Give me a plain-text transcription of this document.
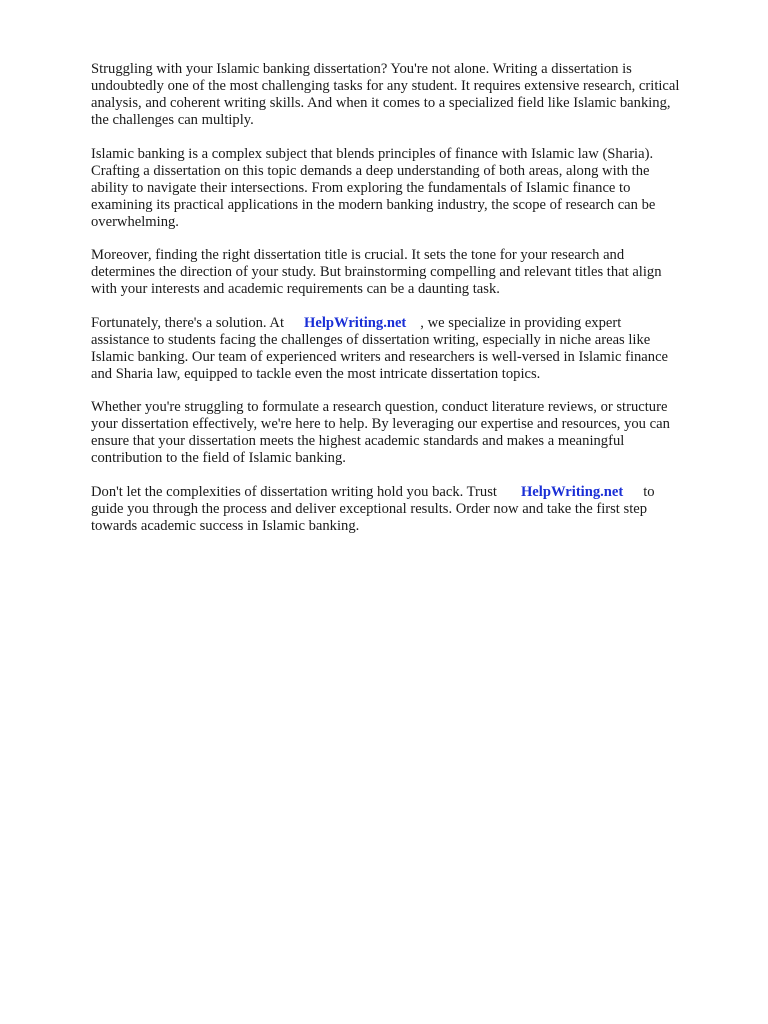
Struggling with your Islamic banking dissertation? You're not alone. Writing a dissertation is
undoubtedly one of the most challenging tasks for any student. It requires extensive research, critical
analysis, and coherent writing skills. And when it comes to a specialized field like Islamic banking,
the challenges can multiply.

Islamic banking is a complex subject that blends principles of finance with Islamic law (Sharia).
Crafting a dissertation on this topic demands a deep understanding of both areas, along with the
ability to navigate their intersections. From exploring the fundamentals of Islamic finance to
examining its practical applications in the modern banking industry, the scope of research can be
overwhelming.

Moreover, finding the right dissertation title is crucial. It sets the tone for your research and
determines the direction of your study. But brainstorming compelling and relevant titles that align
with your interests and academic requirements can be a daunting task.

Fortunately, there's a solution. At HelpWriting.net , we specialize in providing expert
assistance to students facing the challenges of dissertation writing, especially in niche areas like
Islamic banking. Our team of experienced writers and researchers is well-versed in Islamic finance
and Sharia law, equipped to tackle even the most intricate dissertation topics.

Whether you're struggling to formulate a research question, conduct literature reviews, or structure
your dissertation effectively, we're here to help. By leveraging our expertise and resources, you can
ensure that your dissertation meets the highest academic standards and makes a meaningful
contribution to the field of Islamic banking.

Don't let the complexities of dissertation writing hold you back. Trust HelpWriting.net to
guide you through the process and deliver exceptional results. Order now and take the first step
towards academic success in Islamic banking.
